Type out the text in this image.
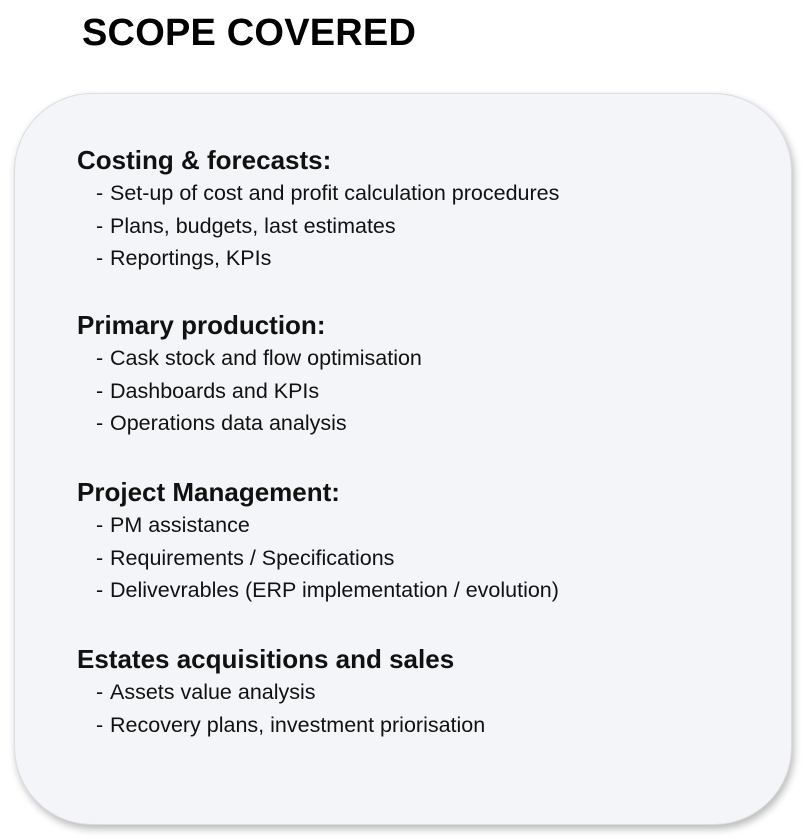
SCOPE COVERED
Costing & forecasts:
- Set-up of cost and profit calculation procedures
- Plans, budgets, last estimates
- Reportings, KPIs
Primary production:
- Cask stock and flow optimisation
- Dashboards and KPIs
- Operations data analysis
Project Management:
- PM assistance
- Requirements / Specifications
- Delivevrables (ERP implementation / evolution)
Estates acquisitions and sales
- Assets value analysis
- Recovery plans, investment priorisation
